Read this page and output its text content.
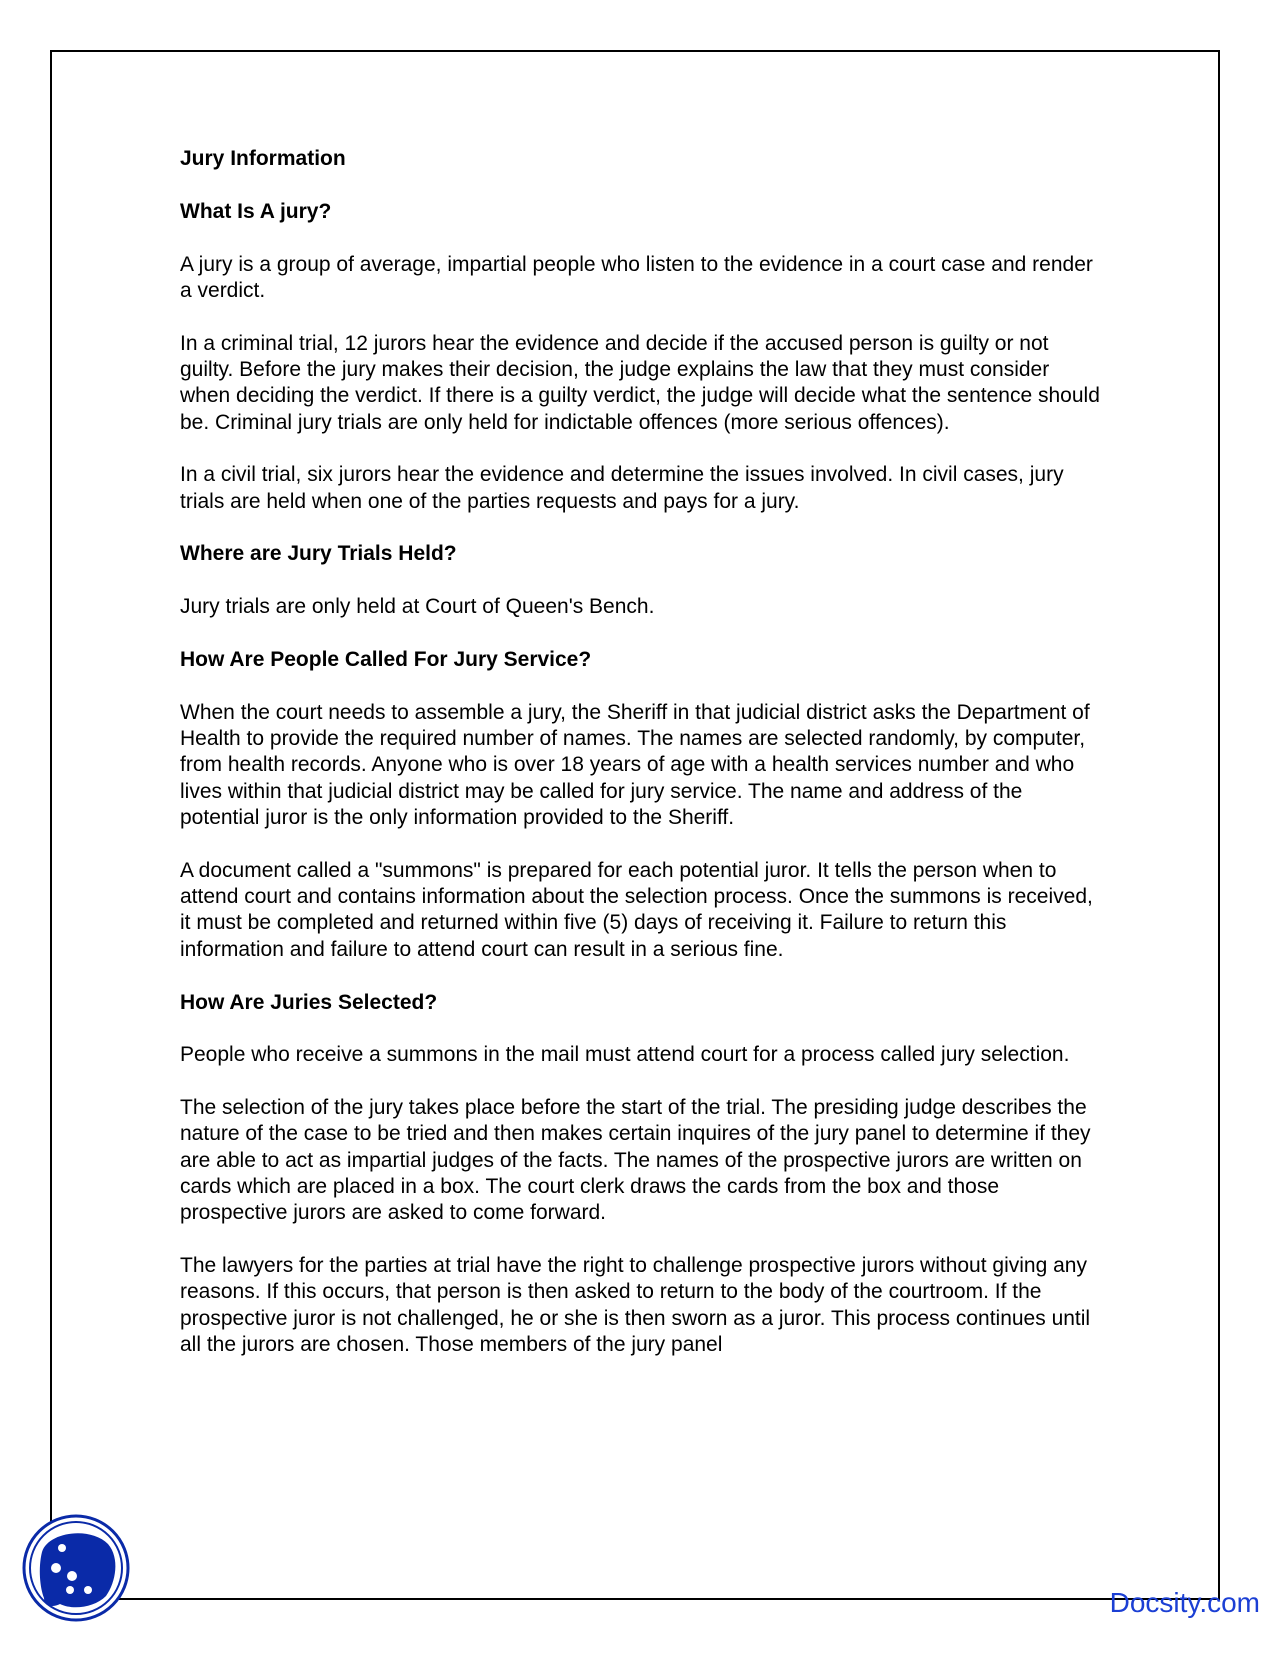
Jury Information
What Is A jury?

A jury is a group of average, impartial people who listen to the evidence in a court case and render a verdict.

In a criminal trial, 12 jurors hear the evidence and decide if the accused person is guilty or not guilty. Before the jury makes their decision, the judge explains the law that they must consider when deciding the verdict. If there is a guilty verdict, the judge will decide what the sentence should be. Criminal jury trials are only held for indictable offences (more serious offences).

In a civil trial, six jurors hear the evidence and determine the issues involved. In civil cases, jury trials are held when one of the parties requests and pays for a jury.

Where are Jury Trials Held?

Jury trials are only held at Court of Queen's Bench.

How Are People Called For Jury Service?

When the court needs to assemble a jury, the Sheriff in that judicial district asks the Department of Health to provide the required number of names. The names are selected randomly, by computer, from health records. Anyone who is over 18 years of age with a health services number and who lives within that judicial district may be called for jury service. The name and address of the potential juror is the only information provided to the Sheriff.

A document called a "summons" is prepared for each potential juror. It tells the person when to attend court and contains information about the selection process. Once the summons is received, it must be completed and returned within five (5) days of receiving it. Failure to return this information and failure to attend court can result in a serious fine.

How Are Juries Selected?

People who receive a summons in the mail must attend court for a process called jury selection.

The selection of the jury takes place before the start of the trial. The presiding judge describes the nature of the case to be tried and then makes certain inquires of the jury panel to determine if they are able to act as impartial judges of the facts. The names of the prospective jurors are written on cards which are placed in a box. The court clerk draws the cards from the box and those prospective jurors are asked to come forward.

The lawyers for the parties at trial have the right to challenge prospective jurors without giving any reasons. If this occurs, that person is then asked to return to the body of the courtroom. If the prospective juror is not challenged, he or she is then sworn as a juror. This process continues until all the jurors are chosen. Those members of the jury panel

Docsity.com
